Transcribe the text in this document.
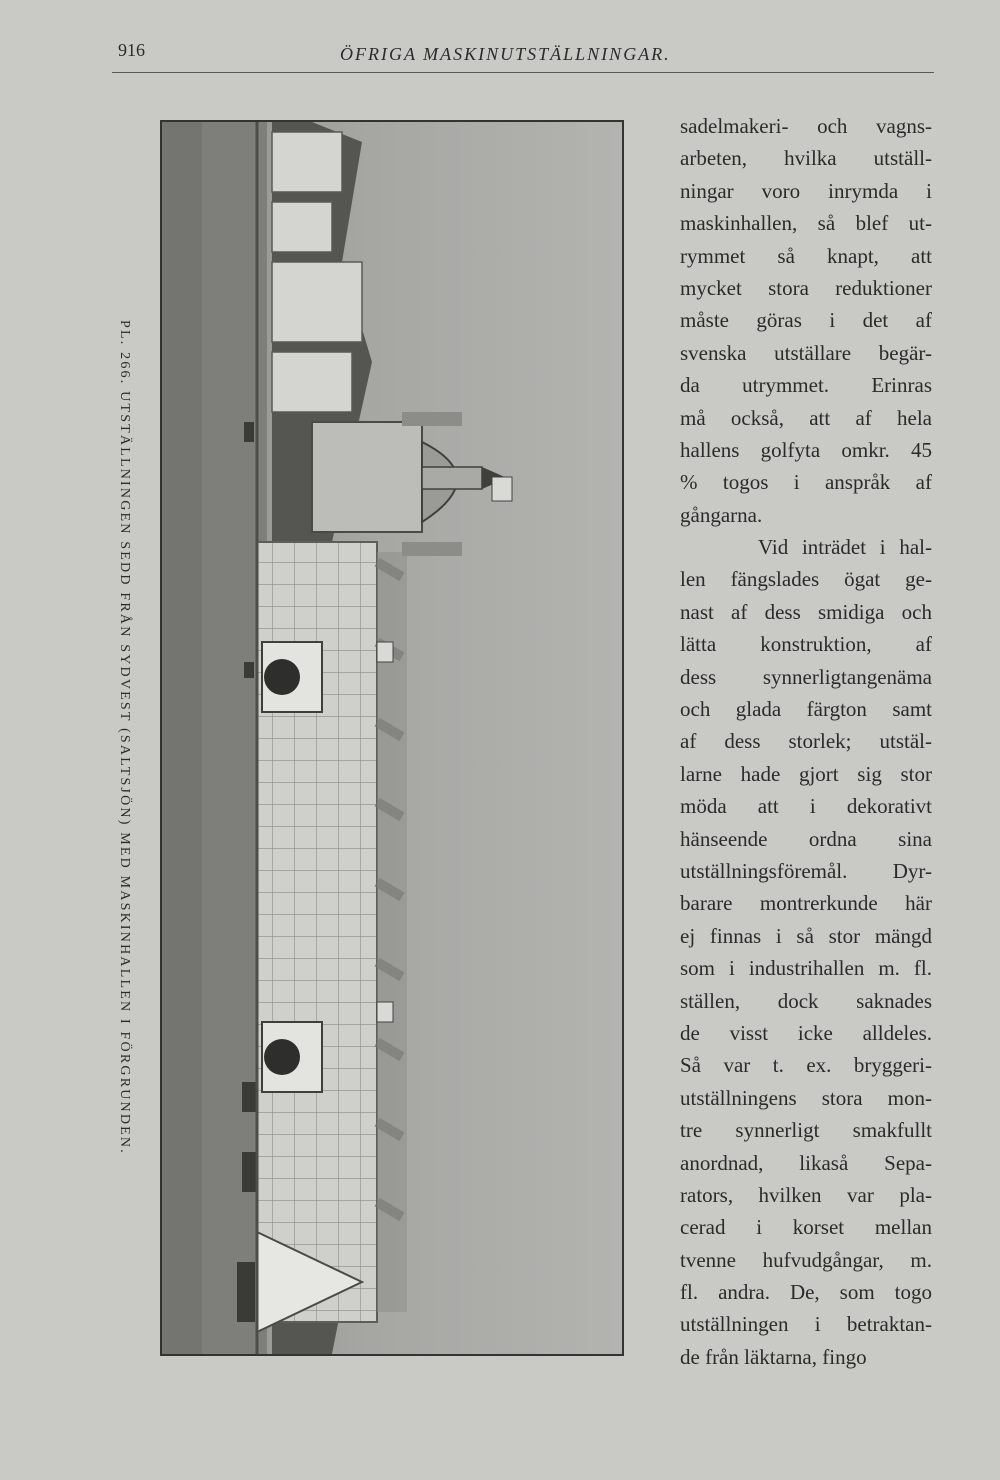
916	ÖFRIGA MASKINUTSTÄLLNINGAR.
PL. 266. UTSTÄLLNINGEN SEDD FRÅN SYDVEST (SALTSJÖN) MED MASKINHALLEN I FÖRGRUNDEN.
sadelmakeri- och vagns-
arbeten, hvilka utställ-
ningar voro inrymda i
maskinhallen, så blef ut-
rymmet så knapt, att
mycket stora reduktioner
måste göras i det af
svenska utställare begär-
da utrymmet. Erinras
må också, att af hela
hallens golfyta omkr. 45
% togos i anspråk af
gångarna.
Vid inträdet i hal-
len fängslades ögat ge-
nast af dess smidiga och
lätta konstruktion, af
dess synnerligtangenäma
och glada färgton samt
af dess storlek; utstäl-
larne hade gjort sig stor
möda att i dekorativt
hänseende ordna sina
utställningsföremål. Dyr-
barare montrerkunde här
ej finnas i så stor mängd
som i industrihallen m. fl.
ställen, dock saknades
de visst icke alldeles.
Så var t. ex. bryggeri-
utställningens stora mon-
tre synnerligt smakfullt
anordnad, likaså Sepa-
rators, hvilken var pla-
cerad i korset mellan
tvenne hufvudgångar, m.
fl. andra. De, som togo
utställningen i betraktan-
de från läktarna, fingo
